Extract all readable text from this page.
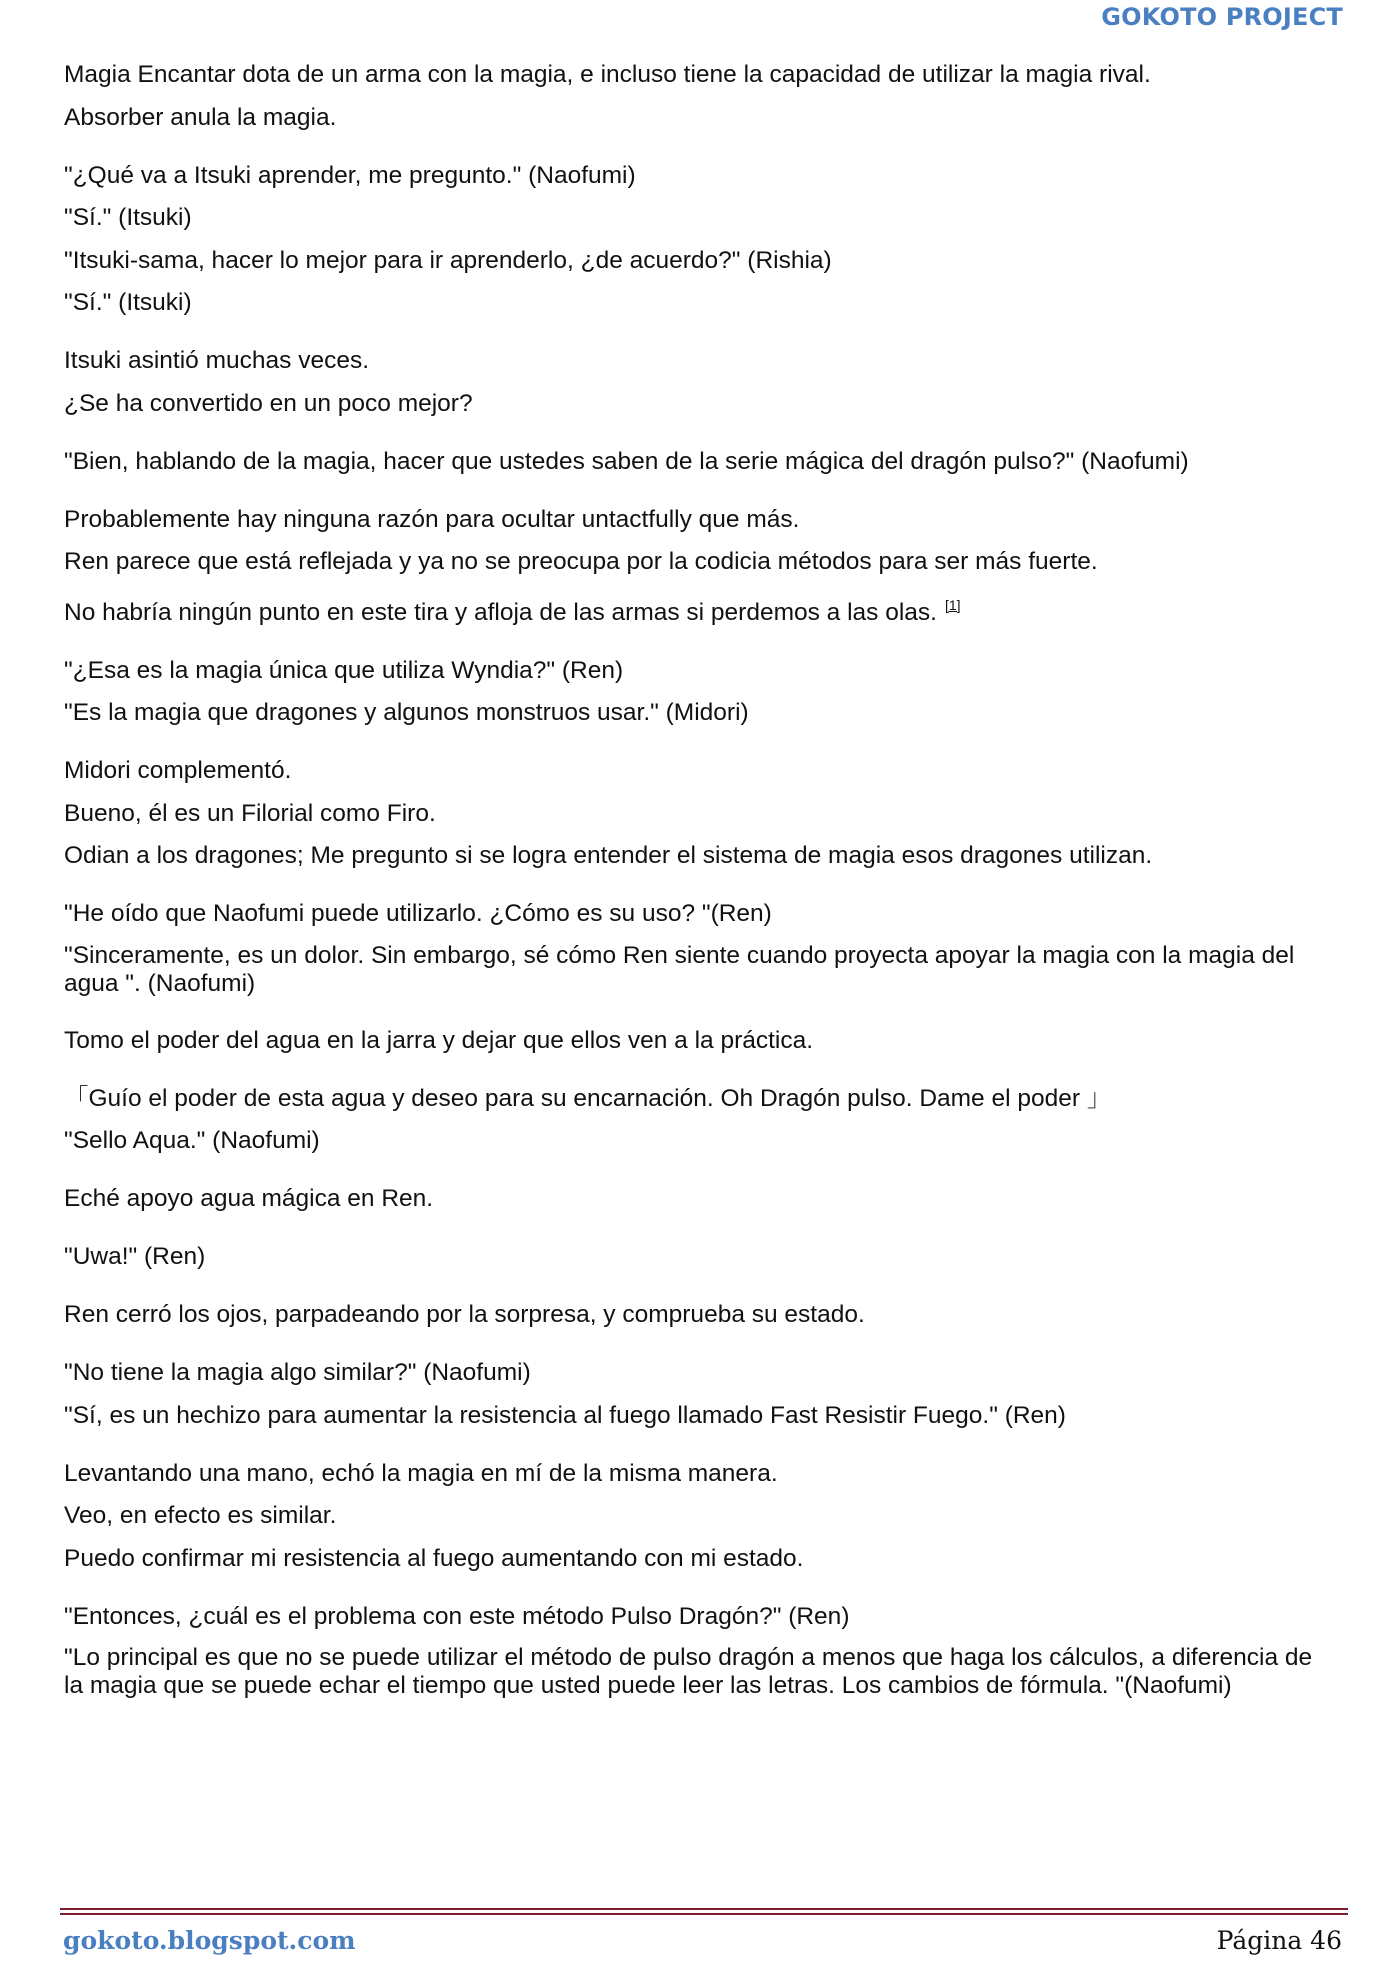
GOKOTO PROJECT
Magia Encantar dota de un arma con la magia, e incluso tiene la capacidad de utilizar la magia rival.
Absorber anula la magia.
"¿Qué va a Itsuki aprender, me pregunto." (Naofumi)
"Sí." (Itsuki)
"Itsuki-sama, hacer lo mejor para ir aprenderlo, ¿de acuerdo?" (Rishia)
"Sí." (Itsuki)
Itsuki asintió muchas veces.
¿Se ha convertido en un poco mejor?
"Bien, hablando de la magia, hacer que ustedes saben de la serie mágica del dragón pulso?" (Naofumi)
Probablemente hay ninguna razón para ocultar untactfully que más.
Ren parece que está reflejada y ya no se preocupa por la codicia métodos para ser más fuerte.
No habría ningún punto en este tira y afloja de las armas si perdemos a las olas. [1]
"¿Esa es la magia única que utiliza Wyndia?" (Ren)
"Es la magia que dragones y algunos monstruos usar." (Midori)
Midori complementó.
Bueno, él es un Filorial como Firo.
Odian a los dragones; Me pregunto si se logra entender el sistema de magia esos dragones utilizan.
"He oído que Naofumi puede utilizarlo. ¿Cómo es su uso? "(Ren)
"Sinceramente, es un dolor. Sin embargo, sé cómo Ren siente cuando proyecta apoyar la magia con la magia del agua ". (Naofumi)
Tomo el poder del agua en la jarra y dejar que ellos ven a la práctica.
「Guío el poder de esta agua y deseo para su encarnación. Oh Dragón pulso. Dame el poder 」
"Sello Aqua." (Naofumi)
Eché apoyo agua mágica en Ren.
"Uwa!" (Ren)
Ren cerró los ojos, parpadeando por la sorpresa, y comprueba su estado.
"No tiene la magia algo similar?" (Naofumi)
"Sí, es un hechizo para aumentar la resistencia al fuego llamado Fast Resistir Fuego." (Ren)
Levantando una mano, echó la magia en mí de la misma manera.
Veo, en efecto es similar.
Puedo confirmar mi resistencia al fuego aumentando con mi estado.
"Entonces, ¿cuál es el problema con este método Pulso Dragón?" (Ren)
"Lo principal es que no se puede utilizar el método de pulso dragón a menos que haga los cálculos, a diferencia de la magia que se puede echar el tiempo que usted puede leer las letras. Los cambios de fórmula. "(Naofumi)
gokoto.blogspot.com	Página 46
